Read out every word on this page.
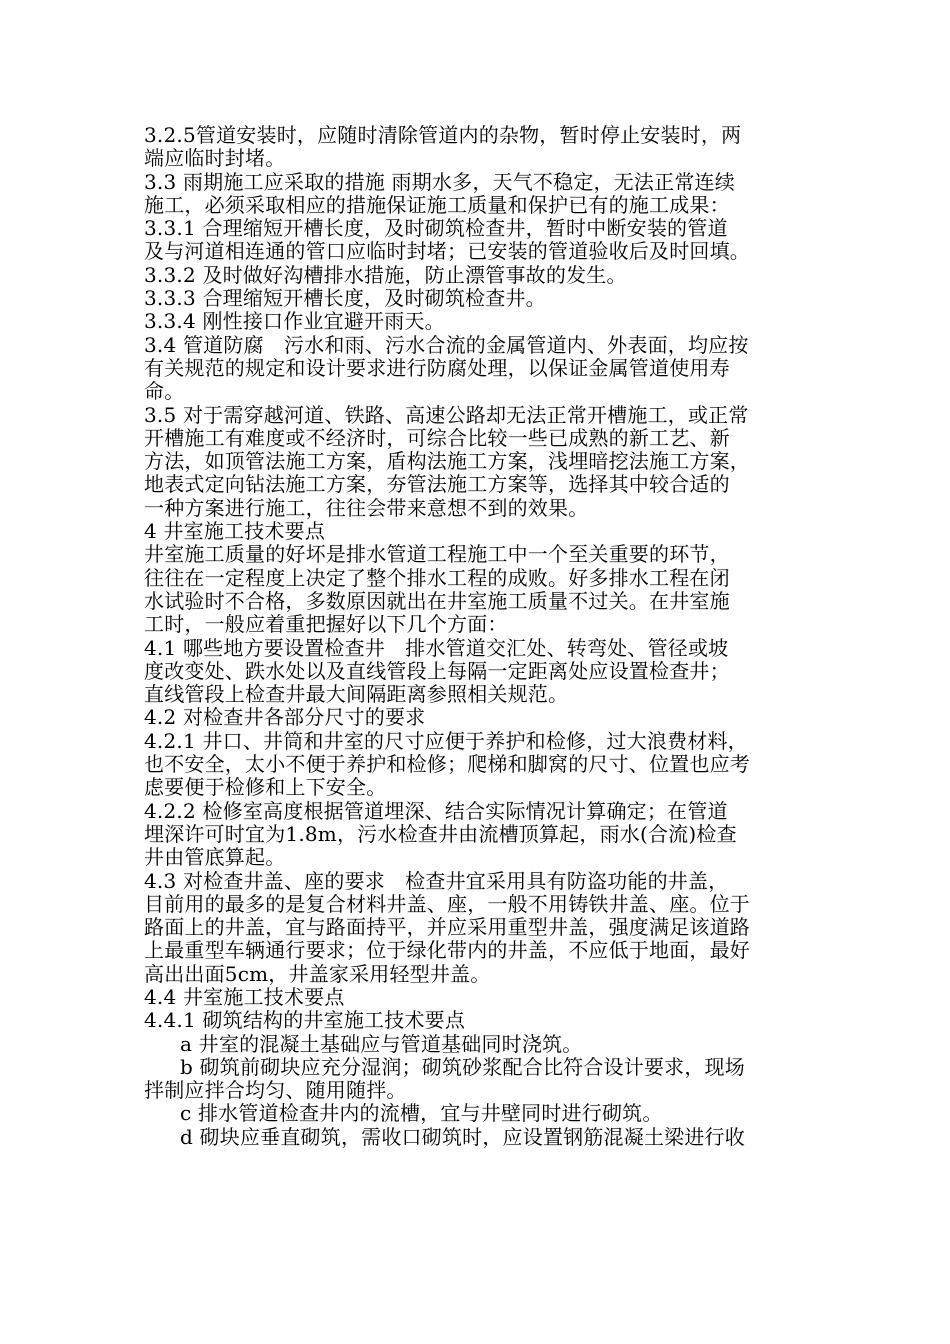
3.2.5管道安装时，应随时清除管道内的杂物，暂时停止安装时，两
端应临时封堵。
3.3 雨期施工应采取的措施 雨期水多，天气不稳定，无法正常连续
施工，必须采取相应的措施保证施工质量和保护已有的施工成果：
3.3.1 合理缩短开槽长度，及时砌筑检查井，暂时中断安装的管道
及与河道相连通的管口应临时封堵；已安装的管道验收后及时回填。
3.3.2 及时做好沟槽排水措施，防止漂管事故的发生。
3.3.3 合理缩短开槽长度，及时砌筑检查井。
3.3.4 刚性接口作业宜避开雨天。
3.4 管道防腐　污水和雨、污水合流的金属管道内、外表面，均应按
有关规范的规定和设计要求进行防腐处理，以保证金属管道使用寿
命。
3.5 对于需穿越河道、铁路、高速公路却无法正常开槽施工，或正常
开槽施工有难度或不经济时，可综合比较一些已成熟的新工艺、新
方法，如顶管法施工方案，盾构法施工方案，浅埋暗挖法施工方案，
地表式定向钻法施工方案，夯管法施工方案等，选择其中较合适的
一种方案进行施工，往往会带来意想不到的效果。
4 井室施工技术要点
井室施工质量的好坏是排水管道工程施工中一个至关重要的环节，
往往在一定程度上决定了整个排水工程的成败。好多排水工程在闭
水试验时不合格，多数原因就出在井室施工质量不过关。在井室施
工时，一般应着重把握好以下几个方面：
4.1 哪些地方要设置检查井　排水管道交汇处、转弯处、管径或坡
度改变处、跌水处以及直线管段上每隔一定距离处应设置检查井；
直线管段上检查井最大间隔距离参照相关规范。
4.2 对检查井各部分尺寸的要求
4.2.1 井口、井筒和井室的尺寸应便于养护和检修，过大浪费材料，
也不安全，太小不便于养护和检修；爬梯和脚窝的尺寸、位置也应考
虑要便于检修和上下安全。
4.2.2 检修室高度根据管道埋深、结合实际情况计算确定；在管道
埋深许可时宜为1.8m，污水检查井由流槽顶算起，雨水(合流)检查
井由管底算起。
4.3 对检查井盖、座的要求　检查井宜采用具有防盗功能的井盖，
目前用的最多的是复合材料井盖、座，一般不用铸铁井盖、座。位于
路面上的井盖，宜与路面持平，并应采用重型井盖，强度满足该道路
上最重型车辆通行要求；位于绿化带内的井盖，不应低于地面，最好
高出出面5cm，井盖家采用轻型井盖。
4.4 井室施工技术要点
4.4.1 砌筑结构的井室施工技术要点
a 井室的混凝土基础应与管道基础同时浇筑。
b 砌筑前砌块应充分湿润；砌筑砂浆配合比符合设计要求，现场
拌制应拌合均匀、随用随拌。
c 排水管道检查井内的流槽，宜与井壁同时进行砌筑。
d 砌块应垂直砌筑，需收口砌筑时，应设置钢筋混凝土梁进行收
